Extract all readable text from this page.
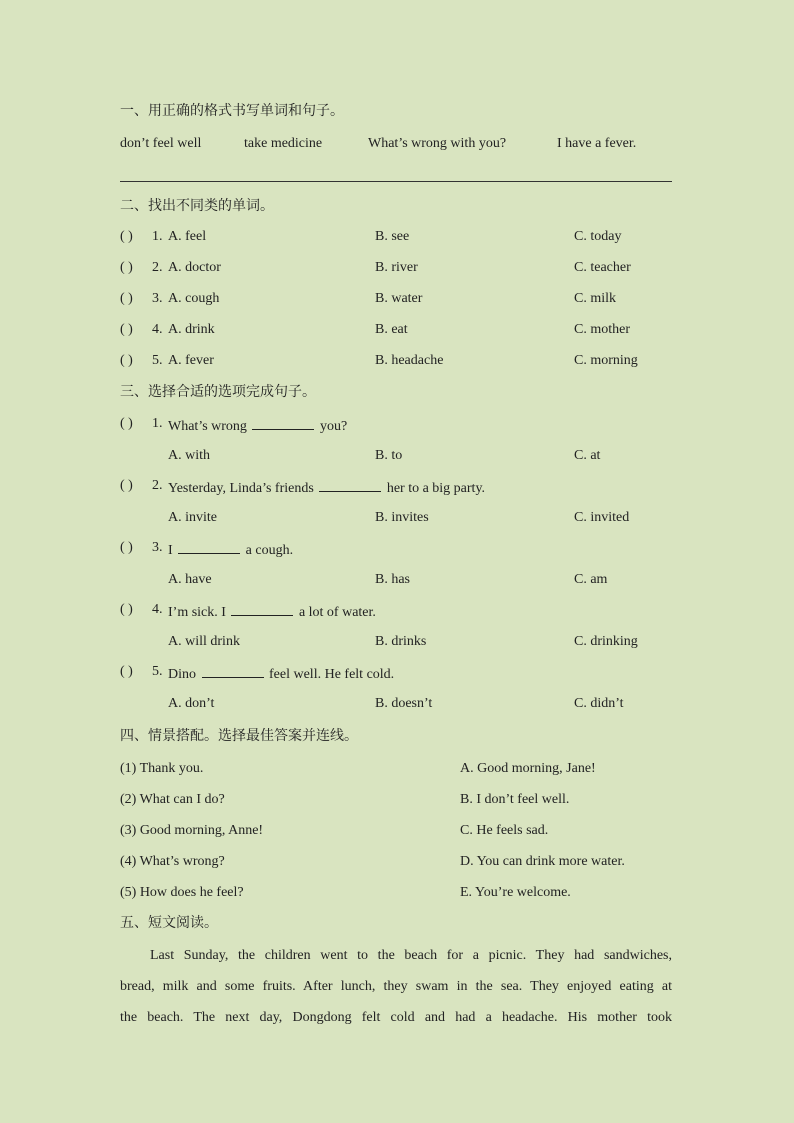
一、用正确的格式书写单词和句子。
don’t feel well	take medicine	What’s wrong with you?	I have a fever.
二、找出不同类的单词。
( ) 1. A. feel	B. see	C. today
( ) 2. A. doctor	B. river	C. teacher
( ) 3. A. cough	B. water	C. milk
( ) 4. A. drink	B. eat	C. mother
( ) 5. A. fever	B. headache	C. morning
三、选择合适的选项完成句子。
( ) 1. What’s wrong	you?
A. with	B. to	C. at
( ) 2. Yesterday, Linda’s friends	her to a big party.
A. invite	B. invites	C. invited
( ) 3. I	a cough.
A. have	B. has	C. am
( ) 4. I’m sick. I	a lot of water.
A. will drink	B. drinks	C. drinking
( ) 5. Dino	feel well. He felt cold.
A. don’t	B. doesn’t	C. didn’t
四、情景搭配。选择最佳答案并连线。
(1) Thank you.	A. Good morning, Jane!
(2) What can I do?	B. I don’t feel well.
(3) Good morning, Anne!	C. He feels sad.
(4) What’s wrong?	D. You can drink more water.
(5) How does he feel?	E. You’re welcome.
五、短文阅读。
Last Sunday, the children went to the beach for a picnic. They had sandwiches,
bread, milk and some fruits. After lunch, they swam in the sea. They enjoyed eating at
the beach. The next day, Dongdong felt cold and had a headache. His mother took
